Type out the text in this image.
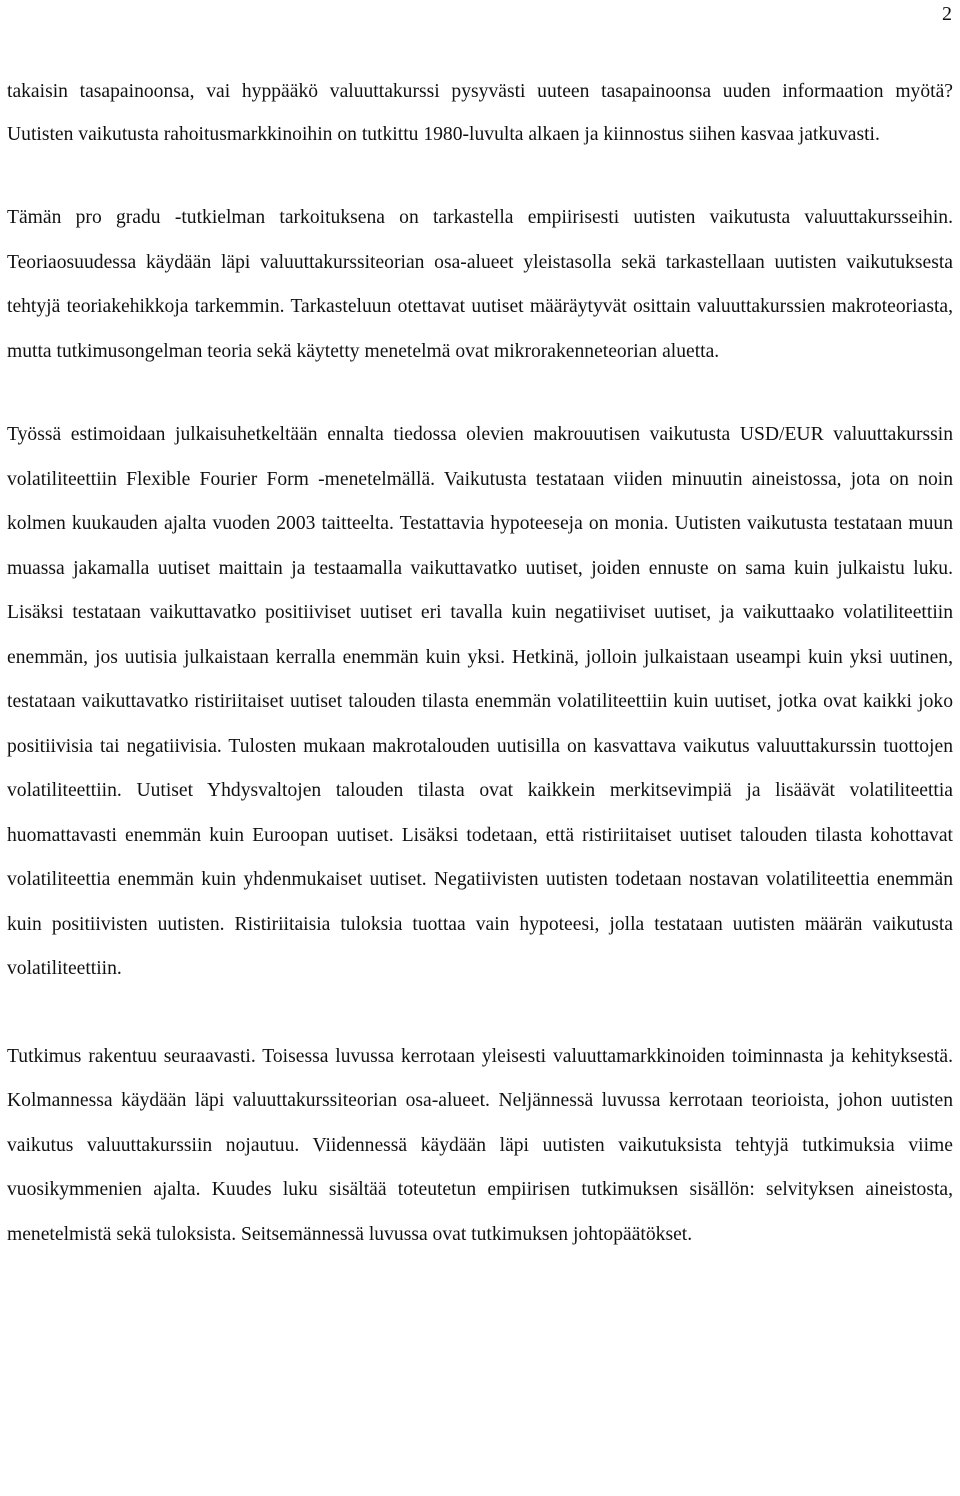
2

takaisin tasapainoonsa, vai hyppääkö valuuttakurssi pysyvästi uuteen tasapainoonsa uuden informaation myötä? Uutisten vaikutusta rahoitusmarkkinoihin on tutkittu 1980-luvulta alkaen ja kiinnostus siihen kasvaa jatkuvasti.

Tämän pro gradu -tutkielman tarkoituksena on tarkastella empiirisesti uutisten vaikutusta valuuttakursseihin. Teoriaosuudessa käydään läpi valuuttakurssiteorian osa-alueet yleistasolla sekä tarkastellaan uutisten vaikutuksesta tehtyjä teoriakehikkoja tarkemmin. Tarkasteluun otettavat uutiset määräytyvät osittain valuuttakurssien makroteoriasta, mutta tutkimusongelman teoria sekä käytetty menetelmä ovat mikrorakenneteorian aluetta.

Työssä estimoidaan julkaisuhetkeltään ennalta tiedossa olevien makrouutisen vaikutusta USD/EUR valuuttakurssin volatiliteettiin Flexible Fourier Form -menetelmällä. Vaikutusta testataan viiden minuutin aineistossa, jota on noin kolmen kuukauden ajalta vuoden 2003 taitteelta. Testattavia hypoteeseja on monia. Uutisten vaikutusta testataan muun muassa jakamalla uutiset maittain ja testaamalla vaikuttavatko uutiset, joiden ennuste on sama kuin julkaistu luku. Lisäksi testataan vaikuttavatko positiiviset uutiset eri tavalla kuin negatiiviset uutiset, ja vaikuttaako volatiliteettiin enemmän, jos uutisia julkaistaan kerralla enemmän kuin yksi. Hetkinä, jolloin julkaistaan useampi kuin yksi uutinen, testataan vaikuttavatko ristiriitaiset uutiset talouden tilasta enemmän volatiliteettiin kuin uutiset, jotka ovat kaikki joko positiivisia tai negatiivisia. Tulosten mukaan makrotalouden uutisilla on kasvattava vaikutus valuuttakurssin tuottojen volatiliteettiin. Uutiset Yhdysvaltojen talouden tilasta ovat kaikkein merkitsevimpiä ja lisäävät volatiliteettia huomattavasti enemmän kuin Euroopan uutiset. Lisäksi todetaan, että ristiriitaiset uutiset talouden tilasta kohottavat volatiliteettia enemmän kuin yhdenmukaiset uutiset. Negatiivisten uutisten todetaan nostavan volatiliteettia enemmän kuin positiivisten uutisten. Ristiriitaisia tuloksia tuottaa vain hypoteesi, jolla testataan uutisten määrän vaikutusta volatiliteettiin.

Tutkimus rakentuu seuraavasti. Toisessa luvussa kerrotaan yleisesti valuuttamarkkinoiden toiminnasta ja kehityksestä. Kolmannessa käydään läpi valuuttakurssiteorian osa-alueet. Neljännessä luvussa kerrotaan teorioista, johon uutisten vaikutus valuuttakurssiin nojautuu. Viidennessä käydään läpi uutisten vaikutuksista tehtyjä tutkimuksia viime vuosikymmenien ajalta. Kuudes luku sisältää toteutetun empiirisen tutkimuksen sisällön: selvityksen aineistosta, menetelmistä sekä tuloksista. Seitsemännessä luvussa ovat tutkimuksen johtopäätökset.
